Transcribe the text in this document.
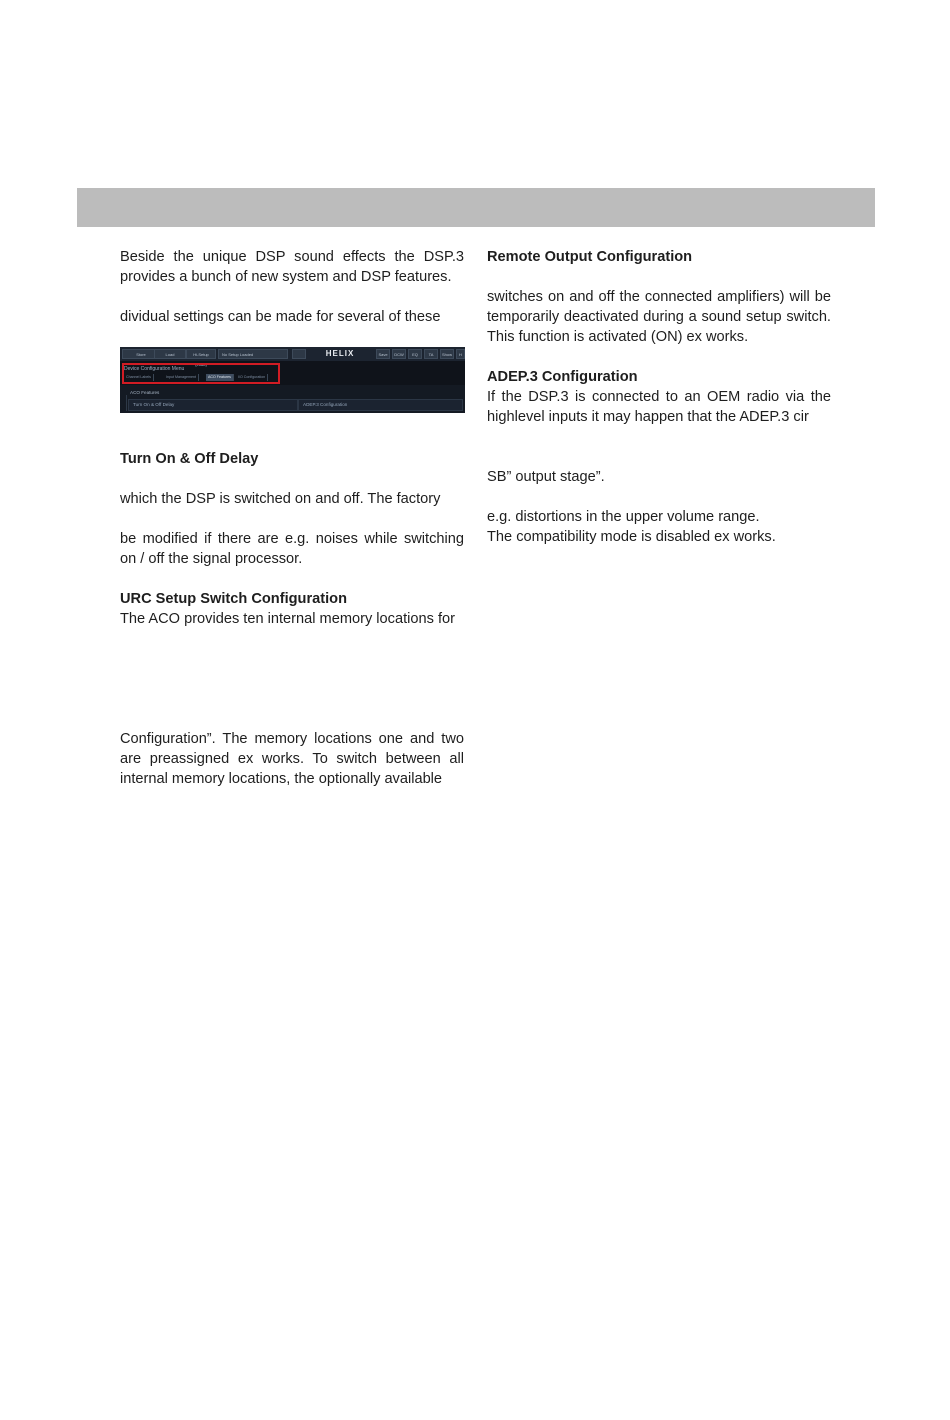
Beside the unique DSP sound effects the DSP.3 provides a bunch of new system and DSP features.

dividual settings can be made for several of these

Store	Load	Hi-Setup (Load)
No Setup Loaded	HELIX	Save	DCW	EQ	TA	Show	H
Device Configuration Menu
Channel Labels	Input Management	ACO Features	I/O Configuration
ACO Features
Turn On & Off Delay	ADEP.3 Configuration
Turn On & Off Delay

which the DSP is switched on and off. The factory

be modified if there are e.g. noises while switching on / off the signal processor.

URC Setup Switch Configuration

The ACO provides ten internal memory locations for

Configuration”. The memory locations one and two are preassigned ex works. To switch between all internal memory locations, the optionally available

Remote Output Configuration

switches on and off the connected amplifiers) will be temporarily deactivated during a sound setup switch. This function is activated (ON) ex works.

ADEP.3 Configuration

If the DSP.3 is connected to an OEM radio via the highlevel inputs it may happen that the ADEP.3 cir

SB” output stage”.

e.g. distortions in the upper volume range.

The compatibility mode is disabled ex works.
